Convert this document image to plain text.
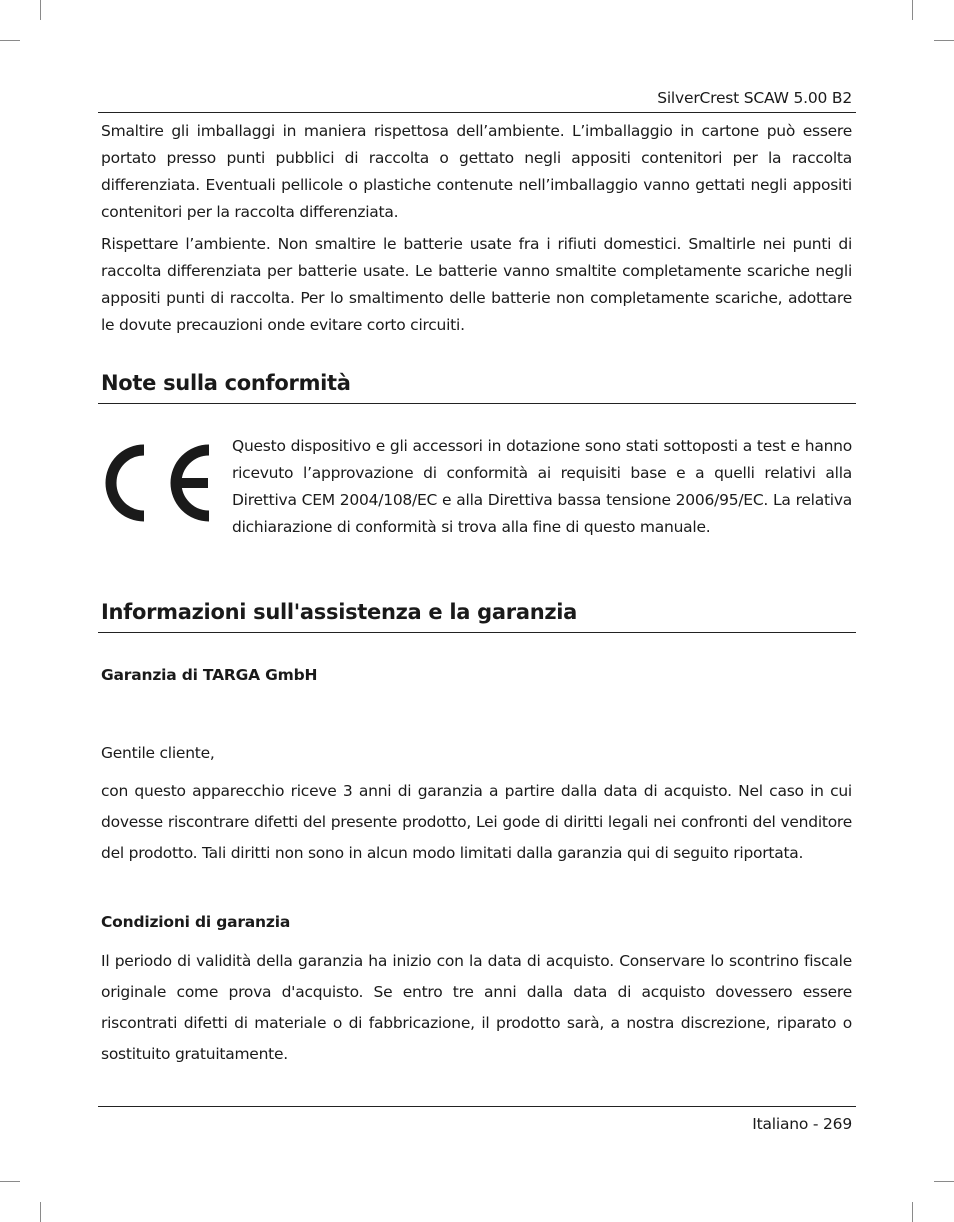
SilverCrest SCAW 5.00 B2

Smaltire gli imballaggi in maniera rispettosa dell’ambiente. L’imballaggio in cartone può essere portato presso punti pubblici di raccolta o gettato negli appositi contenitori per la raccolta differenziata. Eventuali pellicole o plastiche contenute nell’imballaggio vanno gettati negli appositi contenitori per la raccolta differenziata.

Rispettare l’ambiente. Non smaltire le batterie usate fra i rifiuti domestici. Smaltirle nei punti di raccolta differenziata per batterie usate. Le batterie vanno smaltite completamente scariche negli appositi punti di raccolta. Per lo smaltimento delle batterie non completamente scariche, adottare le dovute precauzioni onde evitare corto circuiti.

Note sulla conformità
Questo dispositivo e gli accessori in dotazione sono stati sottoposti a test e hanno ricevuto l’approvazione di conformità ai requisiti base e a quelli relativi alla Direttiva CEM 2004/108/EC e alla Direttiva bassa tensione 2006/95/EC. La relativa dichiarazione di conformità si trova alla fine di questo manuale.
Informazioni sull'assistenza e la garanzia
Garanzia di TARGA GmbH

Gentile cliente,

con questo apparecchio riceve 3 anni di garanzia a partire dalla data di acquisto. Nel caso in cui dovesse riscontrare difetti del presente prodotto, Lei gode di diritti legali nei confronti del venditore del prodotto. Tali diritti non sono in alcun modo limitati dalla garanzia qui di seguito riportata.

Condizioni di garanzia

Il periodo di validità della garanzia ha inizio con la data di acquisto. Conservare lo scontrino fiscale originale come prova d'acquisto. Se entro tre anni dalla data di acquisto dovessero essere riscontrati difetti di materiale o di fabbricazione, il prodotto sarà, a nostra discrezione, riparato o sostituito gratuitamente.

Italiano - 269
